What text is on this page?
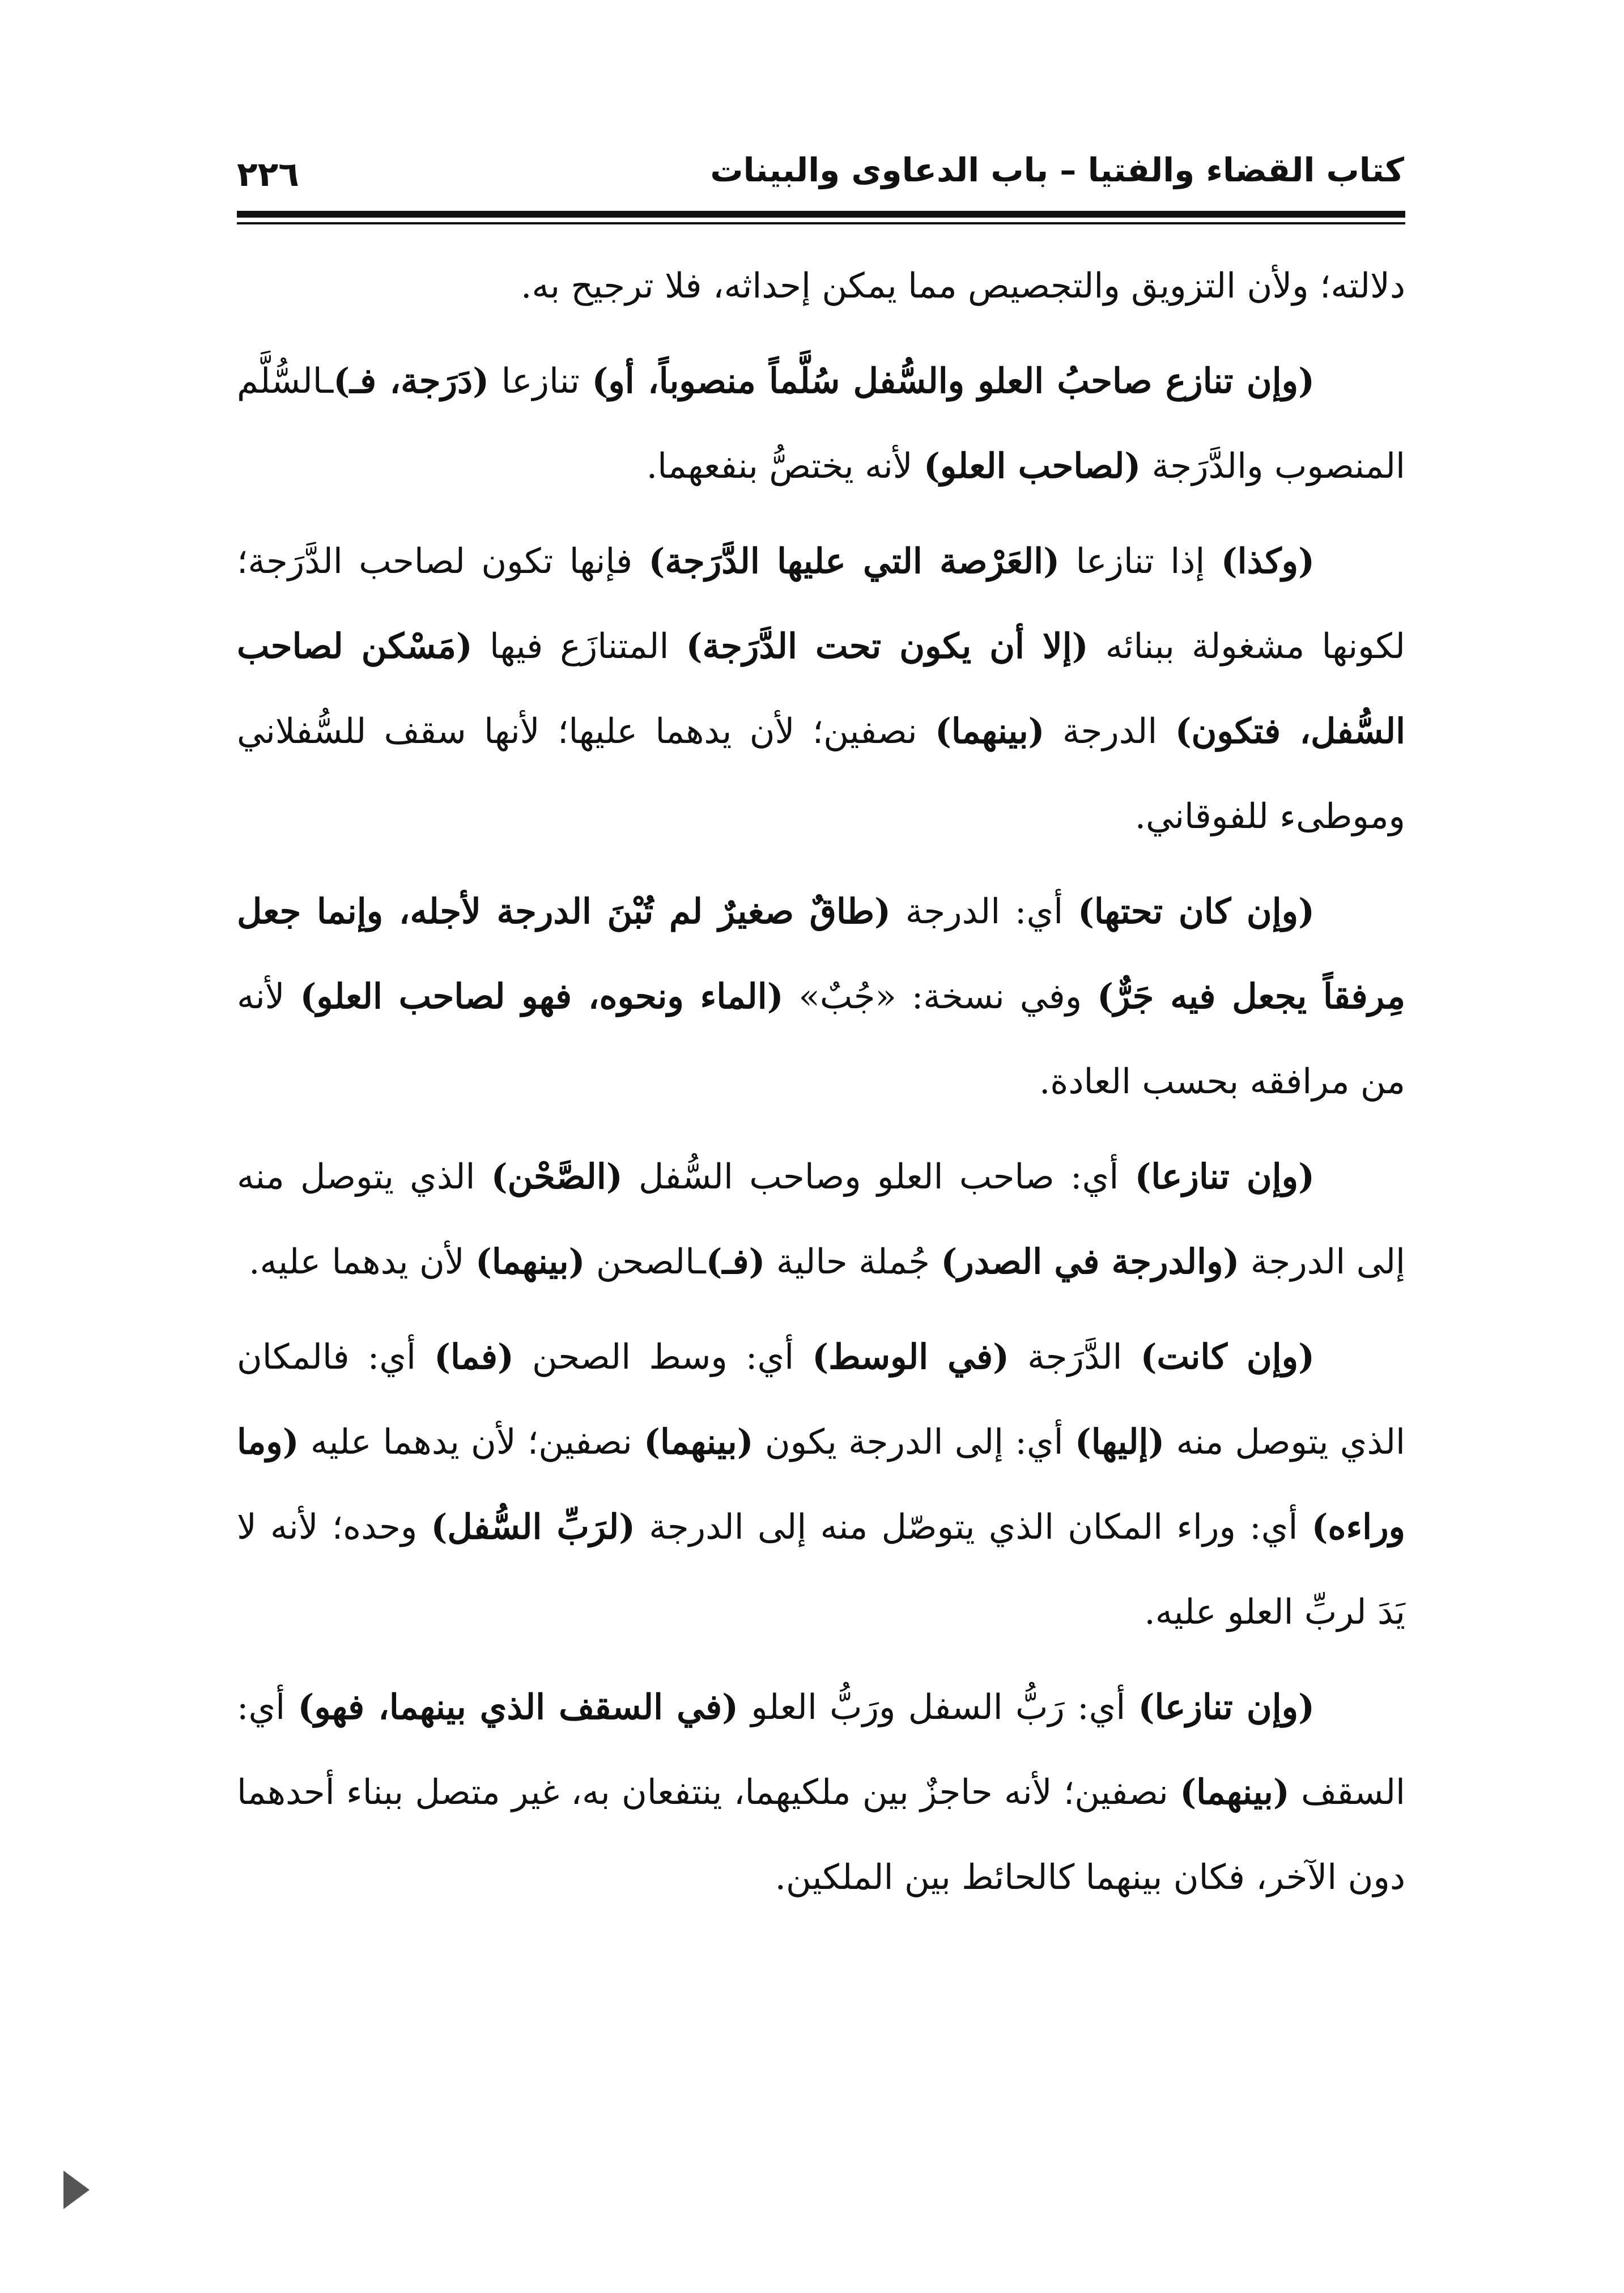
كتاب القضاء والفتيا – باب الدعاوى والبينات
٢٢٦

دلالته؛ ولأن التزويق والتجصيص مما يمكن إحداثه، فلا ترجيح به.

(وإن تنازع صاحبُ العلو والسُّفل سُلَّماً منصوباً، أو) تنازعا (دَرَجة، فـ)ـالسُّلَّم المنصوب والدَّرَجة (لصاحب العلو) لأنه يختصُّ بنفعهما.

(وكذا) إذا تنازعا (العَرْصة التي عليها الدَّرَجة) فإنها تكون لصاحب الدَّرَجة؛ لكونها مشغولة ببنائه (إلا أن يكون تحت الدَّرَجة) المتنازَع فيها (مَسْكن لصاحب السُّفل، فتكون) الدرجة (بينهما) نصفين؛ لأن يدهما عليها؛ لأنها سقف للسُّفلاني وموطىء للفوقاني.

(وإن كان تحتها) أي: الدرجة (طاقٌ صغيرٌ لم تُبْنَ الدرجة لأجله، وإنما جعل مِرفقاً يجعل فيه جَرٌّ) وفي نسخة: «جُبٌ» (الماء ونحوه، فهو لصاحب العلو) لأنه من مرافقه بحسب العادة.

(وإن تنازعا) أي: صاحب العلو وصاحب السُّفل (الصَّحْن) الذي يتوصل منه إلى الدرجة (والدرجة في الصدر) جُملة حالية (فـ)ـالصحن (بينهما) لأن يدهما عليه.

(وإن كانت) الدَّرَجة (في الوسط) أي: وسط الصحن (فما) أي: فالمكان الذي يتوصل منه (إليها) أي: إلى الدرجة يكون (بينهما) نصفين؛ لأن يدهما عليه (وما وراءه) أي: وراء المكان الذي يتوصّل منه إلى الدرجة (لرَبِّ السُّفل) وحده؛ لأنه لا يَدَ لربِّ العلو عليه.

(وإن تنازعا) أي: رَبُّ السفل ورَبُّ العلو (في السقف الذي بينهما، فهو) أي: السقف (بينهما) نصفين؛ لأنه حاجزٌ بين ملكيهما، ينتفعان به، غير متصل ببناء أحدهما دون الآخر، فكان بينهما كالحائط بين الملكين.
